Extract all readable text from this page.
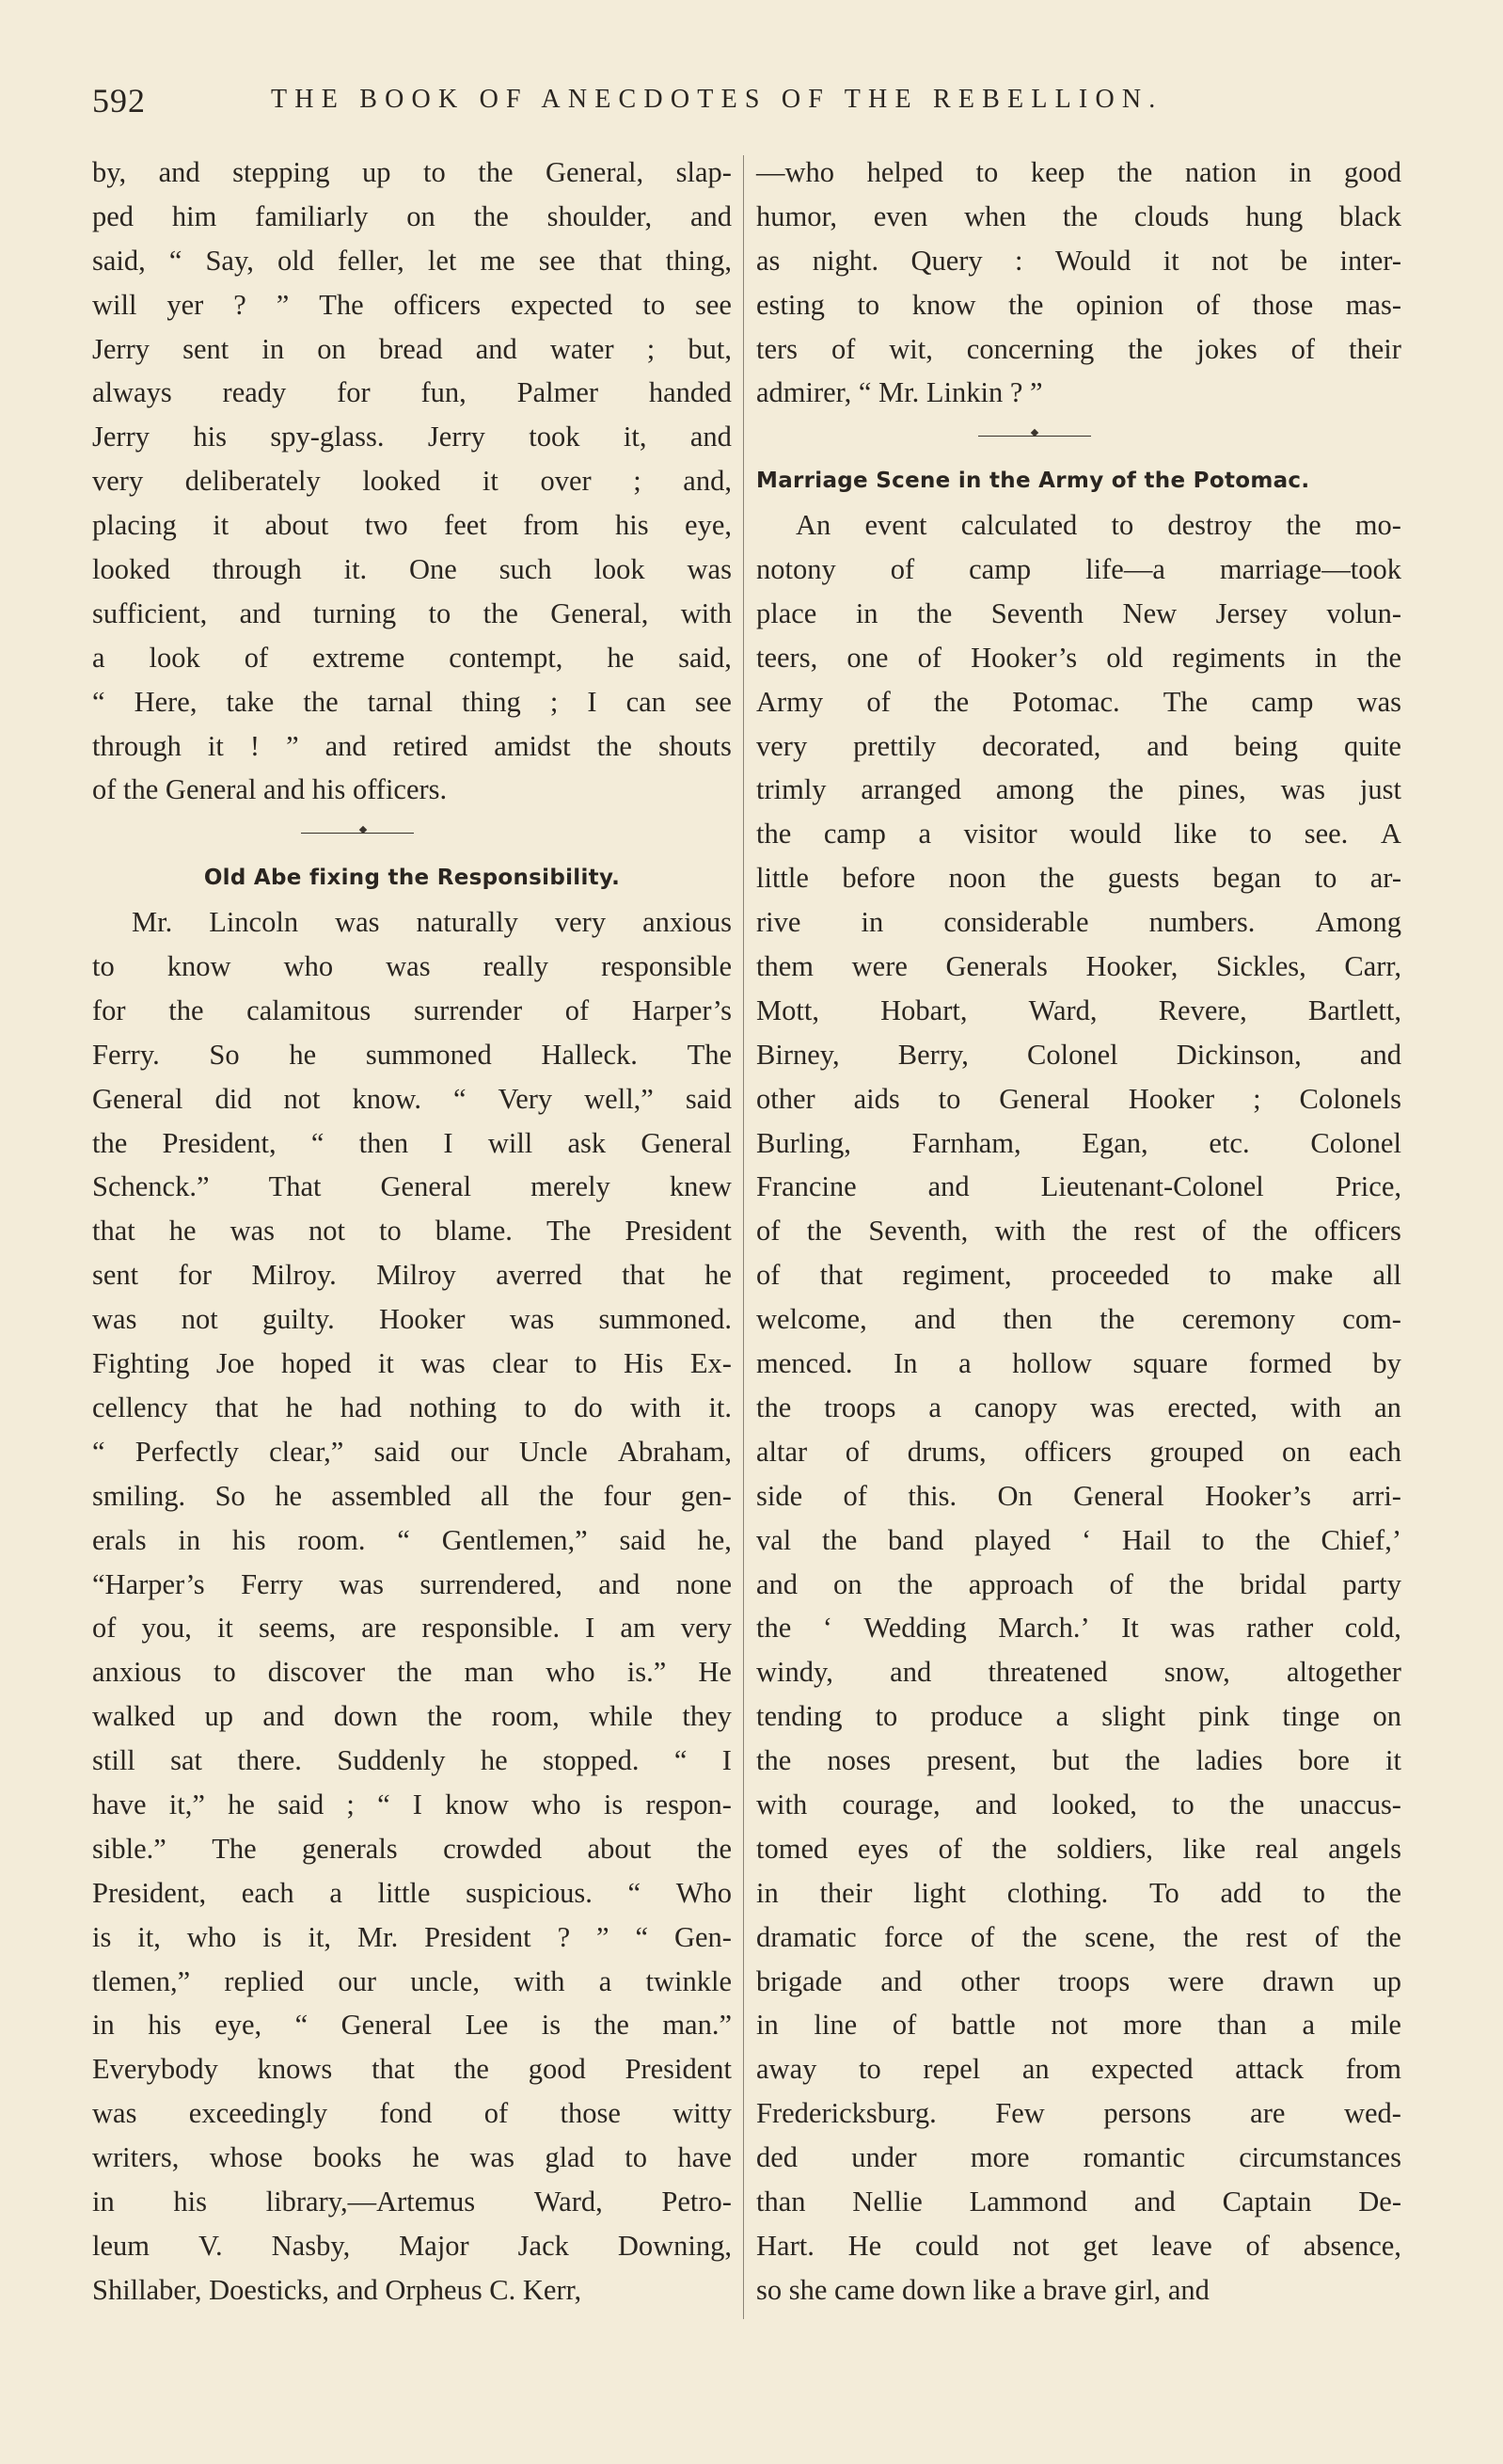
592	THE BOOK OF ANECDOTES OF THE REBELLION.
by, and stepping up to the General, slap-
ped him familiarly on the shoulder, and
said, “ Say, old feller, let me see that thing,
will yer ? ” The officers expected to see
Jerry sent in on bread and water ; but,
always ready for fun, Palmer handed
Jerry his spy-glass. Jerry took it, and
very deliberately looked it over ; and,
placing it about two feet from his eye,
looked through it. One such look was
sufficient, and turning to the General, with
a look of extreme contempt, he said,
“ Here, take the tarnal thing ; I can see
through it ! ” and retired amidst the shouts
of the General and his officers.
Old Abe fixing the Responsibility.
Mr. Lincoln was naturally very anxious
to know who was really responsible
for the calamitous surrender of Harper’s
Ferry. So he summoned Halleck. The
General did not know. “ Very well,” said
the President, “ then I will ask General
Schenck.” That General merely knew
that he was not to blame. The President
sent for Milroy. Milroy averred that he
was not guilty. Hooker was summoned.
Fighting Joe hoped it was clear to His Ex-
cellency that he had nothing to do with it.
“ Perfectly clear,” said our Uncle Abraham,
smiling. So he assembled all the four gen-
erals in his room. “ Gentlemen,” said he,
“Harper’s Ferry was surrendered, and none
of you, it seems, are responsible. I am very
anxious to discover the man who is.” He
walked up and down the room, while they
still sat there. Suddenly he stopped. “ I
have it,” he said ; “ I know who is respon-
sible.” The generals crowded about the
President, each a little suspicious. “ Who
is it, who is it, Mr. President ? ” “ Gen-
tlemen,” replied our uncle, with a twinkle
in his eye, “ General Lee is the man.”
Everybody knows that the good President
was exceedingly fond of those witty
writers, whose books he was glad to have
in his library,—Artemus Ward, Petro-
leum V. Nasby, Major Jack Downing,
Shillaber, Doesticks, and Orpheus C. Kerr,
—who helped to keep the nation in good
humor, even when the clouds hung black
as night. Query : Would it not be inter-
esting to know the opinion of those mas-
ters of wit, concerning the jokes of their
admirer, “ Mr. Linkin ? ”
Marriage Scene in the Army of the Potomac.
An event calculated to destroy the mo-
notony of camp life—a marriage—took
place in the Seventh New Jersey volun-
teers, one of Hooker’s old regiments in the
Army of the Potomac. The camp was
very prettily decorated, and being quite
trimly arranged among the pines, was just
the camp a visitor would like to see. A
little before noon the guests began to ar-
rive in considerable numbers. Among
them were Generals Hooker, Sickles, Carr,
Mott, Hobart, Ward, Revere, Bartlett,
Birney, Berry, Colonel Dickinson, and
other aids to General Hooker ; Colonels
Burling, Farnham, Egan, etc. Colonel
Francine and Lieutenant-Colonel Price,
of the Seventh, with the rest of the officers
of that regiment, proceeded to make all
welcome, and then the ceremony com-
menced. In a hollow square formed by
the troops a canopy was erected, with an
altar of drums, officers grouped on each
side of this. On General Hooker’s arri-
val the band played ‘ Hail to the Chief,’
and on the approach of the bridal party
the ‘ Wedding March.’ It was rather cold,
windy, and threatened snow, altogether
tending to produce a slight pink tinge on
the noses present, but the ladies bore it
with courage, and looked, to the unaccus-
tomed eyes of the soldiers, like real angels
in their light clothing. To add to the
dramatic force of the scene, the rest of the
brigade and other troops were drawn up
in line of battle not more than a mile
away to repel an expected attack from
Fredericksburg. Few persons are wed-
ded under more romantic circumstances
than Nellie Lammond and Captain De-
Hart. He could not get leave of absence,
so she came down like a brave girl, and
